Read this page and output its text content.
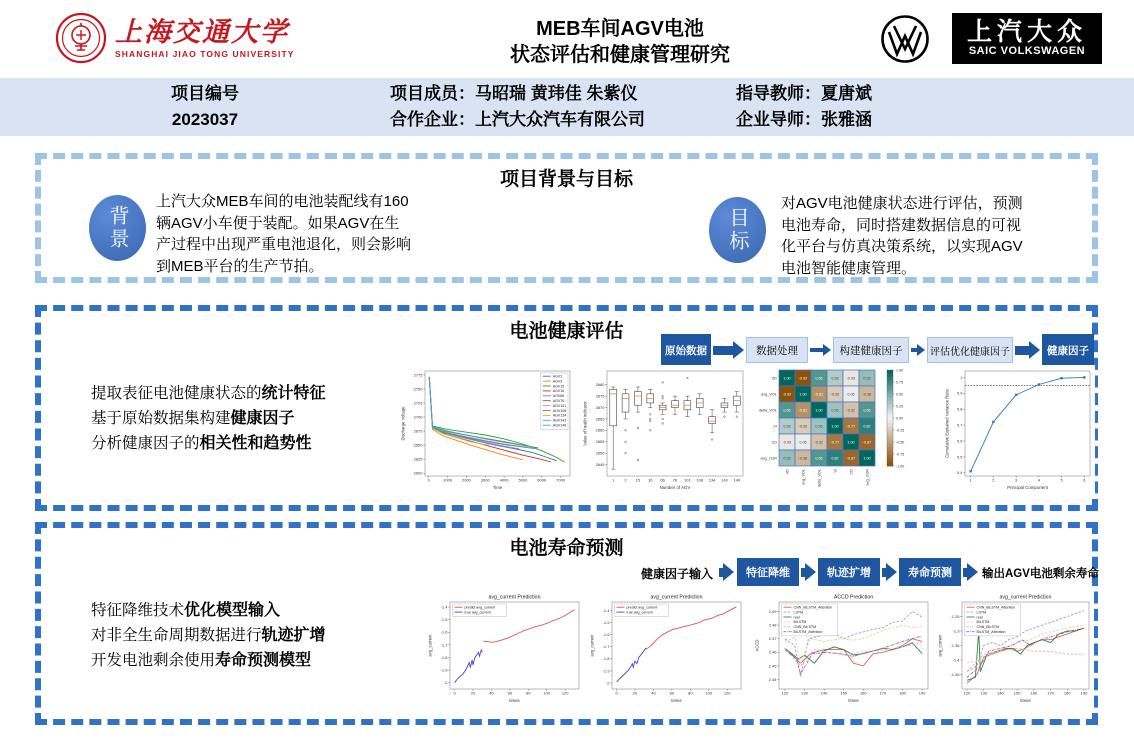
上海交通大学
SHANGHAI JIAO TONG UNIVERSITY
MEB车间AGV电池
状态评估和健康管理研究
上汽大众
SAIC VOLKSWAGEN
项目编号
2023037
项目成员：马昭瑞 黄玮佳 朱紫仪
合作企业：上汽大众汽车有限公司
指导教师：夏唐斌
企业导师：张雅涵
项目背景与目标
背景
上汽大众MEB车间的电池装配线有160辆AGV小车便于装配。如果AGV在生产过程中出现严重电池退化，则会影响到MEB平台的生产节拍。
目标
对AGV电池健康状态进行评估，预测电池寿命，同时搭建数据信息的可视化平台与仿真决策系统，以实现AGV电池智能健康管理。
电池健康评估
原始数据	数据处理	构建健康因子	评估优化健康因子	健康因子
提取表征电池健康状态的统计特征
基于原始数据集构建健康因子
分析健康因子的相关性和趋势性
0	1000 2000 3000 4000 5000 6000 7000
2600
2625
2650
2675
2700
2725
2750
2775
Time
Discharge Voltage
AGV1
AGV2
AGV15
AGV16
AGV66
AGV76
AGV101
AGV108
AGV134
AGV143
AGV149
2645
2650
2655
2660
2665
2670
2675
2680
Number of AGV
Value of health indicator
1	2 15 16 66 76 101 108 134 143 149
1.00 -0.99 0.66 0.28 -0.09 0.39
-0.99 1.00 -0.61 -0.26 0.05 -0.38
0.66 -0.61 1.00 0.36 -0.32 0.66
0.28 -0.26 0.36 1.00 -0.77 0.82
-0.09 0.05 -0.32 -0.77 1.00 -0.87
0.39 -0.38 0.66 0.82 -0.87 1.00
VD
VD
avg_VOL
avg_VOL
delta_VOL
delta_VOL
VI
VI
CD
CD
avg_CUR
avg_CUR
1.00
0.75
0.50
0.25
0.00
-0.25
-0.50
-0.75
-1.00
1	2	3	4	5	6
0.4
0.5
0.6
0.7
0.8
0.9
1
Principal Component
Cumulative Explained Variance Ratio
电池寿命预测
健康因子输入	特征降维	轨迹扩增	寿命预测	输出AGV电池剩余寿命
特征降维技术优化模型输入
对非全生命周期数据进行轨迹扩增
开发电池剩余使用寿命预测模型
0	20	40	60	80	100	120
-1.4
-1.5
-1.6
-1.7
-1.8
-1.9
-2
avg_current Prediction
times
avg_current
predict avg_current
true avg_current
0	20	40	60	80	100	120
-1.4
-1.5
-1.6
-1.7
-1.8
-1.9
-2
avg_current Prediction
times
avg_current
predict avg_current
true avg_current
120	130	140	150	160	170	180	190
2.44
2.45
2.46
2.47
2.48
2.49
ACCD Prediction
times
ACCD
CNN_BiLSTM_Attention
LSTM
real
BiLSTM
CNN_BiLSTM
BiLSTM_Attention
120	130	140	150	160	170	180	190
-1.25
-1.3
-1.35
-1.4
-1.45
avg_current Prediction
times
avg_current
CNN_BiLSTM_Attention
LSTM
real
BiLSTM
CNN_BiLSTM
BiLSTM_Attention
